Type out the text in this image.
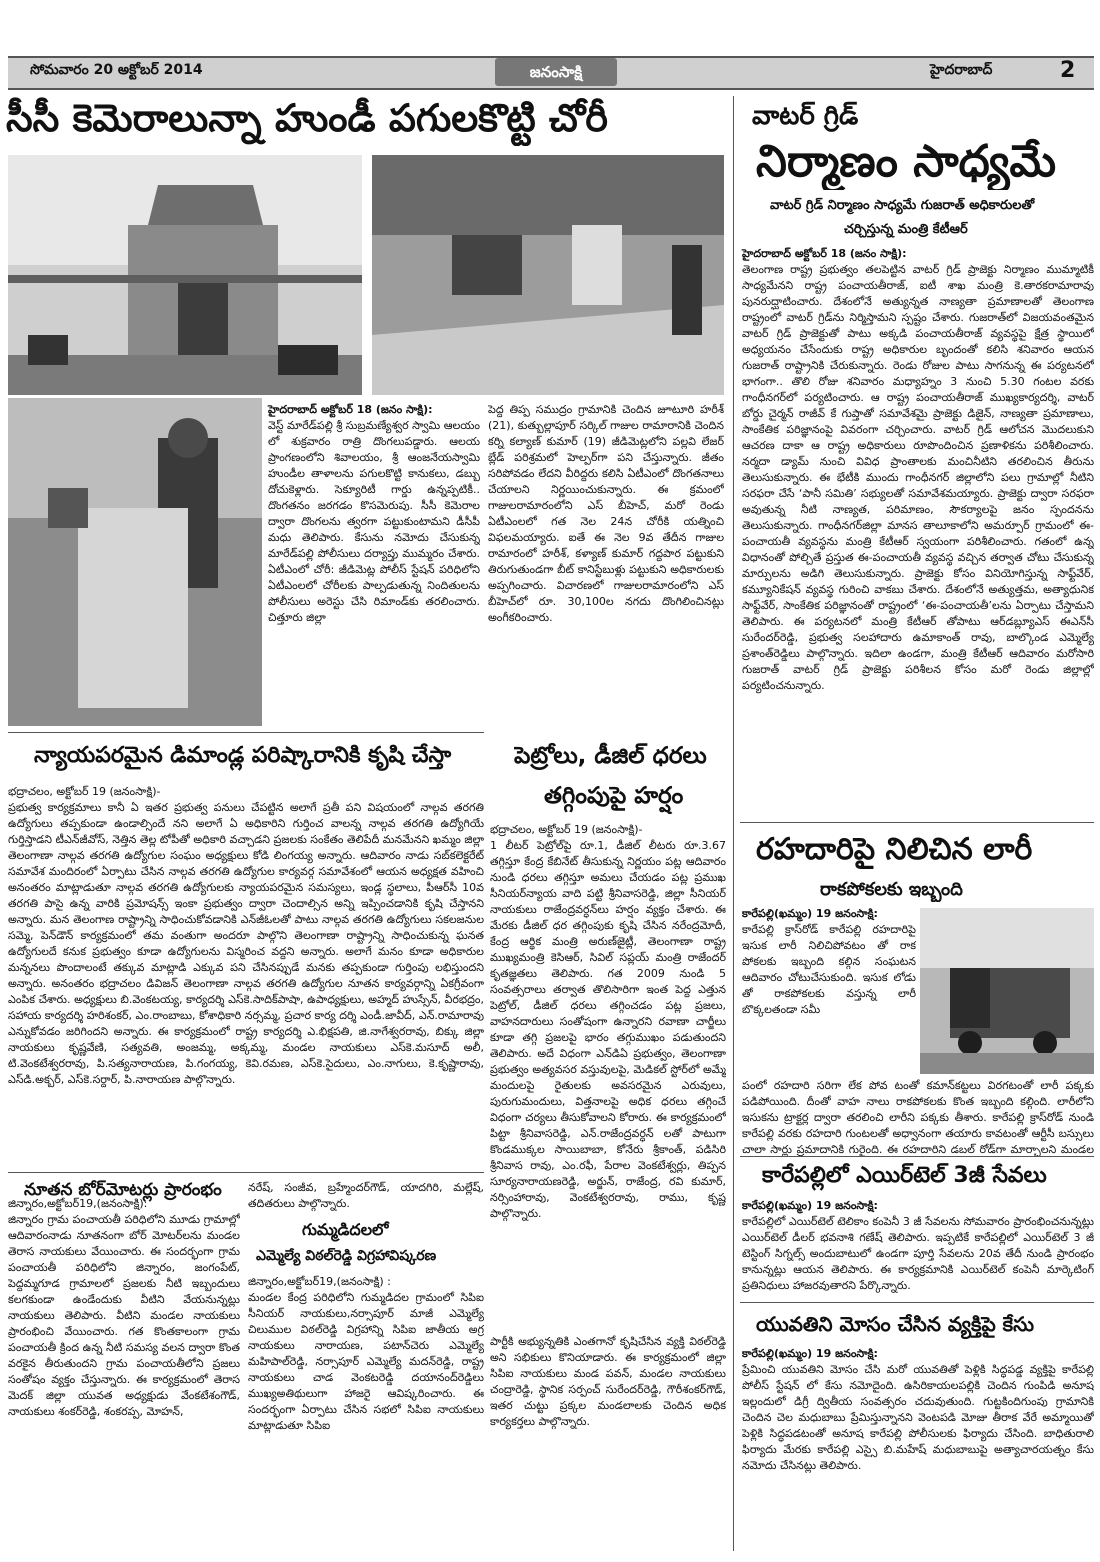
సోమవారం 20 అక్టోబర్ 2014	జనంసాక్షి	హైదరాబాద్	2
సీసీ కెమెరాలున్నా హుండీ పగులకొట్టి చోరీ
హైదరాబాద్ అక్టోబర్ 18 (జనం సాక్షి):
వెస్ట్ మారేడ్‌పల్లి శ్రీ సుబ్రమణ్యేశ్వర స్వామి ఆలయం లో శుక్రవారం రాత్రి దొంగలుపడ్డారు. ఆలయ ప్రాంగణంలోని శివాలయం, శ్రీ ఆంజనేయస్వామి హుండీల తాళాలను పగులకొట్టి కానుకలు, డబ్బు దోచుకెళ్లారు. సెక్యూరిటీ గార్డు ఉన్నప్పటికీ.. దొంగతనం జరగడం కొసమెరుపు. సీసీ కెమెరాల ద్వారా దొంగలను త్వరగా పట్టుకుంటామని డీసీపీ మధు తెలిపారు. కేసును నమోదు చేసుకున్న మారేడ్‌పల్లి పోలీసులు దర్యాప్తు ముమ్మరం చేశారు. ఏటీఎంలో చోరీ: జీడిమెట్ల పోలీస్ స్టేషన్ పరిధిలోని ఏటీఎంలలో చోరీలకు పాల్పడుతున్న నిందితులను పోలీసులు అరెస్టు చేసి రిమాండ్‌కు తరలించారు. చిత్తూరు జిల్లా
పెద్ద తిప్ప సముద్రం గ్రామానికి చెందిన జూటూరి హరీశ్ (21), కుత్బుల్లాపూర్ సర్కిల్ గాజుల రామారానికి చెందిన కర్ని కల్యాణ్ కుమార్ (19) జీడిమెట్లలోని పల్లవి లేజర్ బ్లేడ్ పరిశ్రమలో హెల్పర్‌గా పని చేస్తున్నారు. జీతం సరిపోవడం లేదని వీరిద్దరు కలిసి ఏటీఎంలో దొంగతనాలు చేయాలని నిర్ణయించుకున్నారు. ఈ క్రమంలో గాజులరామారంలోని ఎస్ బీహెచ్, మరో రెండు ఏటీఎంలలో గత నెల 24న చోరీకి యత్నించి విఫలమయ్యారు. ఐతే ఈ నెల 9వ తేదీన గాజుల రామారంలో హరీశ్, కళ్యాణ్ కుమార్ గద్దపార పట్టుకుని తిరుగుతుండగా బీట్ కానిస్టేబుళ్లు పట్టుకుని అధికారులకు అప్పగించారు. విచారణలో గాజులరామారంలోని ఎస్ బీహెచ్‌లో రూ. 30,100ల నగదు దొంగిలించినట్లు అంగీకరించారు.
వాటర్ గ్రిడ్
నిర్మాణం సాధ్యమే
వాటర్ గ్రిడ్ నిర్మాణం సాధ్యమే గుజరాత్ అధికారులతో
చర్చిస్తున్న మంత్రి కేటీఆర్
హైదరాబాద్ అక్టోబర్ 18 (జనం సాక్షి):
తెలంగాణ రాష్ట్ర ప్రభుత్వం తలపెట్టిన వాటర్ గ్రిడ్ ప్రాజెక్టు నిర్మాణం ముమ్మాటికీ సాధ్యమేనని రాష్ట్ర పంచాయతీరాజ్, ఐటీ శాఖ మంత్రి కె.తారకరామారావు పునరుద్ఘాటించారు. దేశంలోనే అత్యున్నత నాణ్యతా ప్రమాణాలతో తెలంగాణ రాష్ట్రంలో వాటర్ గ్రిడ్‌ను నిర్మిస్తామని స్పష్టం చేశారు. గుజరాత్‌లో విజయవంతమైన వాటర్ గ్రిడ్ ప్రాజెక్టుతో పాటు అక్కడి పంచాయతీరాజ్ వ్యవస్థపై క్షేత్ర స్థాయిలో అధ్యయనం చేసేందుకు రాష్ట్ర అధికారుల బృందంతో కలిసి శనివారం ఆయన గుజరాత్ రాష్ట్రానికి చేరుకున్నారు. రెండు రోజుల పాటు సాగనున్న ఈ పర్యటనలో భాగంగా.. తొలి రోజు శనివారం మధ్యాహ్నం 3 నుంచి 5.30 గంటల వరకు గాంధీనగర్‌లో పర్యటించారు. ఆ రాష్ట్ర పంచాయతీరాజ్ ముఖ్యకార్యదర్శి, వాటర్ బోర్డు చైర్మన్ రాజీవ్ కే గుప్తాతో సమావేశమై ప్రాజెక్టు డిజైన్, నాణ్యతా ప్రమాణాలు, సాంకేతిక పరిజ్ఞానంపై వివరంగా చర్చించారు. వాటర్ గ్రిడ్ ఆలోచన మొదలుకుని ఆచరణ దాకా ఆ రాష్ట్ర అధికారులు రూపొందించిన ప్రణాళికను పరిశీలించారు. నర్మదా డ్యామ్ నుంచి వివిధ ప్రాంతాలకు మంచినీటిని తరలించిన తీరును తెలుసుకున్నారు. ఈ భేటీకి ముందు గాంధీనగర్ జిల్లాలోని పలు గ్రామాల్లో నీటిని సరఫరా చేసే ‘పానీ సమితి’ సభ్యులతో సమావేశమయ్యారు. ప్రాజెక్టు ద్వారా సరఫరా అవుతున్న నీటి నాణ్యత, పరిమాణం, సౌకర్యాలపై జనం స్పందనను తెలుసుకున్నారు. గాంధీనగర్‌జిల్లా మానస తాలూకాలోని అమర్పూర్ గ్రామంలో ఈ-పంచాయతీ వ్యవస్థను మంత్రి కేటీఆర్ స్వయంగా పరిశీలించారు. గతంలో ఉన్న విధానంతో పోల్చితే ప్రస్తుత ఈ-పంచాయతీ వ్యవస్థ వచ్చిన తర్వాత చోటు చేసుకున్న మార్పులను అడిగి తెలుసుకున్నారు. ప్రాజెక్టు కోసం వినియోగిస్తున్న సాఫ్ట్‌వేర్, కమ్యూనికేషన్ వ్యవస్థ గురించి వాకబు చేశారు. దేశంలోనే అత్యుత్తమ, అత్యాధునిక సాఫ్ట్‌వేర్, సాంకేతిక పరిజ్ఞానంతో రాష్ట్రంలో ‘ఈ-పంచాయతీ’లను ఏర్పాటు చేస్తామని తెలిపారు. ఈ పర్యటనలో మంత్రి కేటీఆర్ తోపాటు ఆర్‌డబ్ల్యూఎస్ ఈఎన్‌సీ సురేందర్‌రెడ్డి, ప్రభుత్వ సలహాదారు ఉమాకాంత్ రావు, బాల్కొండ ఎమ్మెల్యే ప్రశాంత్‌రెడ్డిలు పాల్గొన్నారు. ఇదిలా ఉండగా, మంత్రి కేటీఆర్ ఆదివారం మరోసారి గుజరాత్ వాటర్ గ్రిడ్ ప్రాజెక్టు పరిశీలన కోసం మరో రెండు జిల్లాల్లో పర్యటించనున్నారు.
న్యాయపరమైన డిమాండ్ల పరిష్కారానికి కృషి చేస్తా
భద్రాచలం, అక్టోబర్ 19 (జనంసాక్షి)-
ప్రభుత్వ కార్యక్రమాలు కానీ ఏ ఇతర ప్రభుత్వ పనులు చేపట్టిన అలాగే ప్రతీ పని విషయంలో నాల్గవ తరగతి ఉద్యోగులు తప్పకుండా ఉండాల్సిందే నని అలాగే ఏ అధికారిని గుర్తించ వాలన్న నాల్గవ తరగతి ఉద్యోగియే గుర్తిస్తాడని టీఎన్‌జీవోస్, నెత్తిన తెల్ల టోపీతో అధికారి వచ్చాడని ప్రజలకు సంకేతం తెలిపేదీ మనమేనని ఖమ్మం జిల్లా తెలంగాణా నాల్గవ తరగతి ఉద్యోగుల సంఘం అధ్యక్షులు కోడి లింగయ్య అన్నారు. ఆదివారం నాడు సబ్‌కలెక్టరేట్ సమావేశ మందిరంలో ఏర్పాటు చేసిన నాల్గవ తరగతి ఉద్యోగుల కార్యవర్గ సమావేశంలో ఆయన అధ్యక్షత వహించి అనంతరం మాట్లాడుతూ నాల్గవ తరగతి ఉద్యోగులకు న్యాయపరమైన సమస్యలు, ఇండ్ల స్థలాలు, పీఆర్‌సీ 10వ తరగతి పాసై ఉన్న వారికి ప్రమోషన్స్ ఇంకా ప్రభుత్వం ద్వారా చెందాల్సిన అన్ని ఇప్పించడానికి కృషి చేస్తానని అన్నారు. మన తెలంగాణ రాష్ట్రాన్ని సాధించుకోవడానికి ఎన్‌జీఓలతో పాటు నాల్గవ తరగతి ఉద్యోగులు సకలజనుల సమ్మె, పెన్‌డౌన్ కార్యక్రమంలో తమ వంతుగా అందరూ పాల్గొని తెలంగాణా రాష్ట్రాన్ని సాధించుకున్న ఘనత ఉద్యోగులదే కనుక ప్రభుత్వం కూడా ఉద్యోగులను విస్మరించ వద్దని అన్నారు. అలాగే మనం కూడా అధికారుల మన్ననలు పొందాలంటే తక్కువ మాట్లాడి ఎక్కువ పని చేసినప్పుడే మనకు తప్పకుండా గుర్తింపు లభిస్తుందని అన్నారు. అనంతరం భద్రాచలం డివిజన్ తెలంగాణా నాల్గవ తరగతి ఉద్యోగుల నూతన కార్యవర్గాన్ని ఏకగ్రీవంగా ఎంపిక చేశారు. అధ్యక్షులు బి.వెంకటయ్య, కార్యదర్శి ఎస్‌కె.సాదిక్‌పాషా, ఉపాధ్యక్షులు, అహ్మద్ హుస్సేన్, వీరభద్రం, సహాయ కార్యదర్శి హరిశంకర్, ఎం.రాంబాబు, కోశాధికారి నర్సమ్మ, ప్రచార కార్య దర్శి ఎండీ.జావీద్, ఎన్.రామారావు ఎన్నుకోవడం జరిగిందని అన్నారు. ఈ కార్యక్రమంలో రాష్ట్ర కార్యదర్శి ఎ.భిక్షపతి, జి.నాగేశ్వరరావు, బిక్కు జిల్లా నాయకులు కృష్ణవేణి, సత్యవతి, అంజమ్మ, అక్కమ్మ, మండల నాయకులు ఎస్‌కె.మసూద్ అలీ, టి.వెంకటేశ్వరరావు, పి.సత్యనారాయణ, పి.గంగయ్య, కెవి.రమణ, ఎస్‌కె.సైదులు, ఎం.నాగులు, కె.కృష్ణారావు, ఎస్‌డి.అక్బర్, ఎస్‌కె.సర్దార్, పి.నారాయణ పాల్గొన్నారు.
పెట్రోలు, డీజిల్ ధరలు
తగ్గింపుపై హర్షం
భద్రాచలం, అక్టోబర్ 19 (జనంసాక్షి)-
1 లీటర్ పెట్రోల్‌పై రూ.1, డీజిల్ లీటరు రూ.3.67 తగ్గిస్తూ కేంద్ర కేబినేట్ తీసుకున్న నిర్ణయం పట్ల ఆదివారం నుండి ధరలు తగ్గిస్తూ అమలు చేయడం పట్ల ప్రముఖ సీనియర్‌న్యాయ వాది పట్టి శ్రీనివాసరెడ్డి, జిల్లా సీనియర్ నాయకులు రాజేంద్రవర్ధన్‌లు హర్షం వ్యక్తం చేశారు. ఈ మేరకు డీజిల్ ధర తగ్గింపుకు కృషి చేసిన నరేంద్రమోదీ, కేంద్ర ఆర్థిక మంత్రి అరుణ్‌జైట్లీ, తెలంగాణా రాష్ట్ర ముఖ్యమంత్రి కెసిఆర్, సివిల్ సప్లయ్ మంత్రి రాజేందర్ కృతజ్ఞతలు తెలిపారు. గత 2009 నుండి 5 సంవత్సరాలు తర్వాత తొలిసారిగా ఇంత పెద్ద ఎత్తున పెట్రోల్, డీజిల్ ధరలు తగ్గించడం పట్ల ప్రజలు, వాహనదారులు సంతోషంగా ఉన్నారని రవాణా చార్జీలు కూడా తగ్గి ప్రజలపై భారం తగ్గుముఖం పడుతుందని తెలిపారు. అదే విధంగా ఎన్‌డిఏ ప్రభుత్వం, తెలంగాణా ప్రభుత్వం అత్యవసర వస్తువులపై, మెడికల్ స్టోర్‌లో అమ్మే మందులపై రైతులకు అవసరమైన ఎరువులు, పురుగుమందులు, విత్తనాలపై అధిక ధరలు తగ్గించే విధంగా చర్యలు తీసుకోవాలని కోరారు. ఈ కార్యక్రమంలో పిట్టా శ్రీనివాసరెడ్డి, ఎన్.రాజేంద్రవర్ధన్ లతో పాటుగా కొండముక్కల సాయిబాబా, కోనేరు శ్రీకాంత్, పడిసిరి శ్రీనివాస రావు, ఎం.రఫీ, పేరాల వెంకటేశ్వర్లు, తిప్పన సూర్యనారాయణరెడ్డి, అర్జున్, రాజేంద్ర, రవి కుమార్, నర్సింహారావు, వెంకటేశ్వరరావు, రాము, కృష్ణ పాల్గొన్నారు.
పార్టీకి అభ్యున్నతికి ఎంతగానో కృషిచేసిన వ్యక్తి విఠల్‌రెడ్డి అని సభికులు కొనియాడారు. ఈ కార్యక్రమంలో జిల్లా సిపిఐ నాయకులు మండ పవన్, మండల నాయకులు చంద్రారెడ్డి, స్థానిక సర్పంచ్ సురేందర్‌రెడ్డి, గౌరీశంకర్‌గౌడ్, ఇతర చుట్టు ప్రక్కల మండలాలకు చెందిన అధిక కార్యకర్తలు పాల్గొన్నారు.
నూతన బోర్‌మోటర్లు ప్రారంభం
జిన్నారం,అక్టోబర్19,(జనంసాక్షి):
జిన్నారం గ్రామ పంచాయతీ పరిధిలోని మూడు గ్రామాల్లో ఆదివారంనాడు నూతనంగా బోర్ మోటర్‌లను మండల తెరాస నాయకులు వేయించారు. ఈ సందర్భంగా గ్రామ పంచాయతీ పరిధిలోని జిన్నారం, జంగంపేట్, పెద్దమ్మగూడ గ్రామాలలో ప్రజలకు నీటి ఇబ్బందులు కలగకుండా ఉండేందుకు వీటిని వేయనున్నట్లు నాయకులు తెలిపారు. వీటిని మండల నాయకులు ప్రారంభించి వేయించారు. గత కొంతకాలంగా గ్రామ పంచాయతీ క్రింద ఉన్న నీటి సమస్య వలన ద్వారా కొంత వరకైన తీరుతుందని గ్రామ పంచాయతీలోని ప్రజలు సంతోషం వ్యక్తం చేస్తున్నారు. ఈ కార్యక్రమంలో తెరాస మెదక్ జిల్లా యువత అధ్యక్షుడు వేంకటేశంగౌడ్, నాయకులు శంకర్‌రెడ్డి, శంకరప్ప, మోహన్,
నరేష్, సంజీవ, బ్రహ్మేందర్‌గౌడ్, యాదగిరి, మల్లేష్, తదితరులు పాల్గొన్నారు.
గుమ్మడిదలలో
ఎమ్మెల్యే విఠల్‌రెడ్డి విగ్రహావిష్కరణ
జిన్నారం,అక్టోబర్19,(జనంసాక్షి) :
మండల కేంద్ర పరిధిలోని గుమ్మడిదల గ్రామంలో సిపిఐ సీనియర్ నాయకులు,నర్సాపూర్ మాజీ ఎమ్మెల్యే చిలుముల విఠల్‌రెడ్డి విగ్రహాన్ని సిపిఐ జాతీయ అగ్ర నాయకులు నారాయణ, పటాన్‌చెరు ఎమ్మెల్యే మహిపాల్‌రెడ్డి, నర్సాపూర్ ఎమ్మెల్యే మదన్‌రెడ్డి, రాష్ట్ర నాయకులు చాడ వెంకటరెడ్డి దయానంద్‌రెడ్డిలు ముఖ్యఅతిథులుగా హాజరై ఆవిష్కరించారు. ఈ సందర్భంగా ఏర్పాటు చేసిన సభలో సిపిఐ నాయకులు మాట్లాడుతూ సిపిఐ
రహదారిపై నిలిచిన లారీ
రాకపోకలకు ఇబ్బంది
కారేపల్లి(ఖమ్మం) 19 జనంసాక్షి:
కారేపల్లి క్రాస్‌రోడ్ కారేపల్లి రహదారిపై ఇసుక లారీ నిలిచిపోవటం తో రాక పోకలకు ఇబ్బంది కల్గిన సంఘటన ఆదివారం చోటుచేసుకుంది. ఇసుక లోడు తో రాకపోకలకు వస్తున్న లారీ బొక్కలతండా సమీ
పంలో రహదారి సరిగా లేక పోవ టంతో కమాన్‌కట్టలు విరగటంతో లారీ పక్కకు పడిపోయింది. దీంతో వాహ నాలు రాకపోకలకు కొంత ఇబ్బంది కల్గింది. లారీలోని ఇసుకను ట్రాక్టర్ల ద్వారా తరలించి లారీని పక్కకు తీశారు. కారేపల్లి క్రాస్‌రోడ్ నుండి కారేపల్లి వరకు రహదారి గుంటలతో అధ్వానంగా తయారు కావటంతో ఆర్టీసీ బస్సులు చాలా సార్లు ప్రమాదానికి గురైంది. ఈ రహదారిని డబల్ రోడ్‌గా మార్చాలని మండల
కారేపల్లిలో ఎయిర్‌టెల్ 3జీ సేవలు
కారేపల్లి(ఖమ్మం) 19 జనంసాక్షి:
కారేపల్లిలో ఎయిర్‌టెల్ టెలికాం కంపెనీ 3 జీ సేవలను సోమవారం ప్రారంభించనున్నట్లు ఎయిర్‌టెల్ డీలర్ భవనాశి గణేష్ తెలిపారు. ఇప్పటికే కారేపల్లిలో ఎయిర్‌టెల్ 3 జీ టెస్టింగ్ సిగ్నల్స్ అందుబాటులో ఉండగా పూర్తి సేవలను 20వ తేదీ నుండి ప్రారంభం కానున్నట్లు ఆయన తెలిపారు. ఈ కార్యక్రమానికి ఎయిర్‌టెల్ కంపెనీ మార్కెటింగ్ ప్రతినిధులు హాజరవుతారని పేర్కొన్నారు.
యువతిని మోసం చేసిన వ్యక్తిపై కేసు
కారేపల్లి(ఖమ్మం) 19 జనంసాక్షి:
ప్రేమించి యువతిని మోసం చేసి మరో యువతితో పెళ్లికి సిద్ధపడ్డ వ్యక్తిపై కారేపల్లి పోలీస్ స్టేషన్ లో కేసు నమోదైంది. ఉసిరికాయలపల్లికి చెందిన గుంపిడి అనూష ఇల్లందులో డిగ్రీ ద్వితీయ సంవత్సరం చదువుతుంది. గుట్టకిందిగుంపు గ్రామానికి చెందిన చెల మధుబాబు ప్రేమిస్తున్నానని వెంటపడి మోజు తీరాక వేరే అమ్మాయితో పెళ్లికి సిద్ధపడటంతో అనూష కారేపల్లి పోలీసులకు ఫిర్యాదు చేసింది. బాధితురాలి ఫిర్యాదు మేరకు కారేపల్లి ఎస్సై బి.మహేష్ మధుబాబుపై అత్యాచారయత్నం కేసు నమోదు చేసినట్లు తెలిపారు.
